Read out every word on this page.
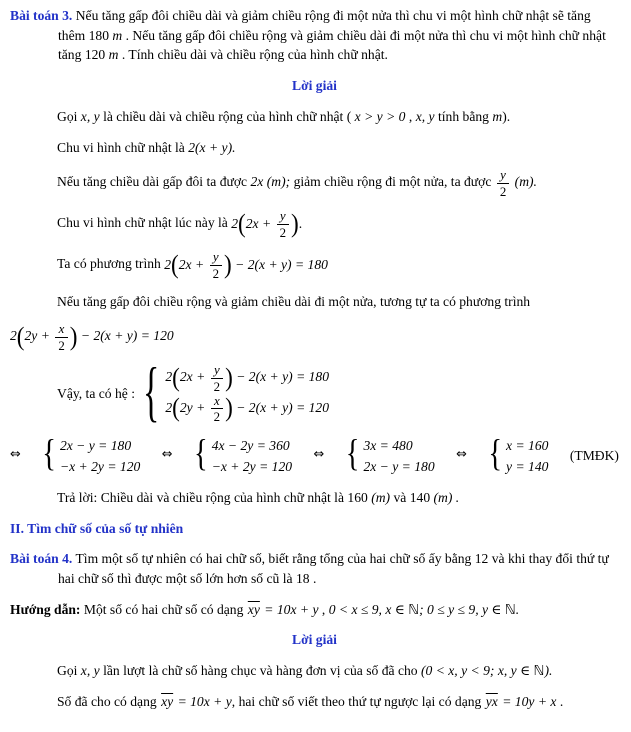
Bài toán 3. Nếu tăng gấp đôi chiều dài và giảm chiều rộng đi một nửa thì chu vi một hình chữ nhật sẽ tăng thêm 180 m . Nếu tăng gấp đôi chiều rộng và giảm chiều dài đi một nửa thì chu vi một hình chữ nhật tăng 120 m . Tính chiều dài và chiều rộng của hình chữ nhật.

Lời giải

Gọi x, y là chiều dài và chiều rộng của hình chữ nhật ( x > y > 0 , x, y tính bằng m).

Chu vi hình chữ nhật là 2(x + y).

Nếu tăng chiều dài gấp đôi ta được 2x (m); giảm chiều rộng đi một nửa, ta được $\frac{y}{2} (m)$.

Chu vi hình chữ nhật lúc này là $2(2x + \frac{y}{2}$ ).

Ta có phương trình $2(2x + \frac{y}{2}$ ) − 2(x + y) = 180

Nếu tăng gấp đôi chiều rộng và giảm chiều dài đi một nửa, tương tự ta có phương trình

$2(2y + \frac{x}{2}$ ) − 2(x + y) = 120

Vậy, ta có hệ : { $2(2x + \frac{y}{2}$ ) − 2(x + y) = 180
$2(2y + \frac{x}{2}$ ) − 2(x + y) = 120
⇔ { 2x − y = 180
−x + 2y = 120
⇔ { 4x − 2y = 360
−x + 2y = 120
⇔ { 3x = 480
2x − y = 180
⇔ { x = 160
y = 140
(TMĐK)

Trả lời: Chiều dài và chiều rộng của hình chữ nhật là 160 (m) và 140 (m) .

II. Tìm chữ số của số tự nhiên

Bài toán 4. Tìm một số tự nhiên có hai chữ số, biết rằng tổng của hai chữ số ấy bằng 12 và khi thay đổi thứ tự hai chữ số thì được một số lớn hơn số cũ là 18 .

Hướng dẫn: Một số có hai chữ số có dạng $\overline{xy} = 10x + y$ , 0 < x ≤ 9, x ∈ ℕ; 0 ≤ y ≤ 9, y ∈ ℕ.

Lời giải

Gọi x, y lần lượt là chữ số hàng chục và hàng đơn vị của số đã cho (0 < x, y < 9; x, y ∈ ℕ).

Số đã cho có dạng $\overline{xy} = 10x + y$, hai chữ số viết theo thứ tự ngược lại có dạng $\overline{yx} = 10y + x$ .
